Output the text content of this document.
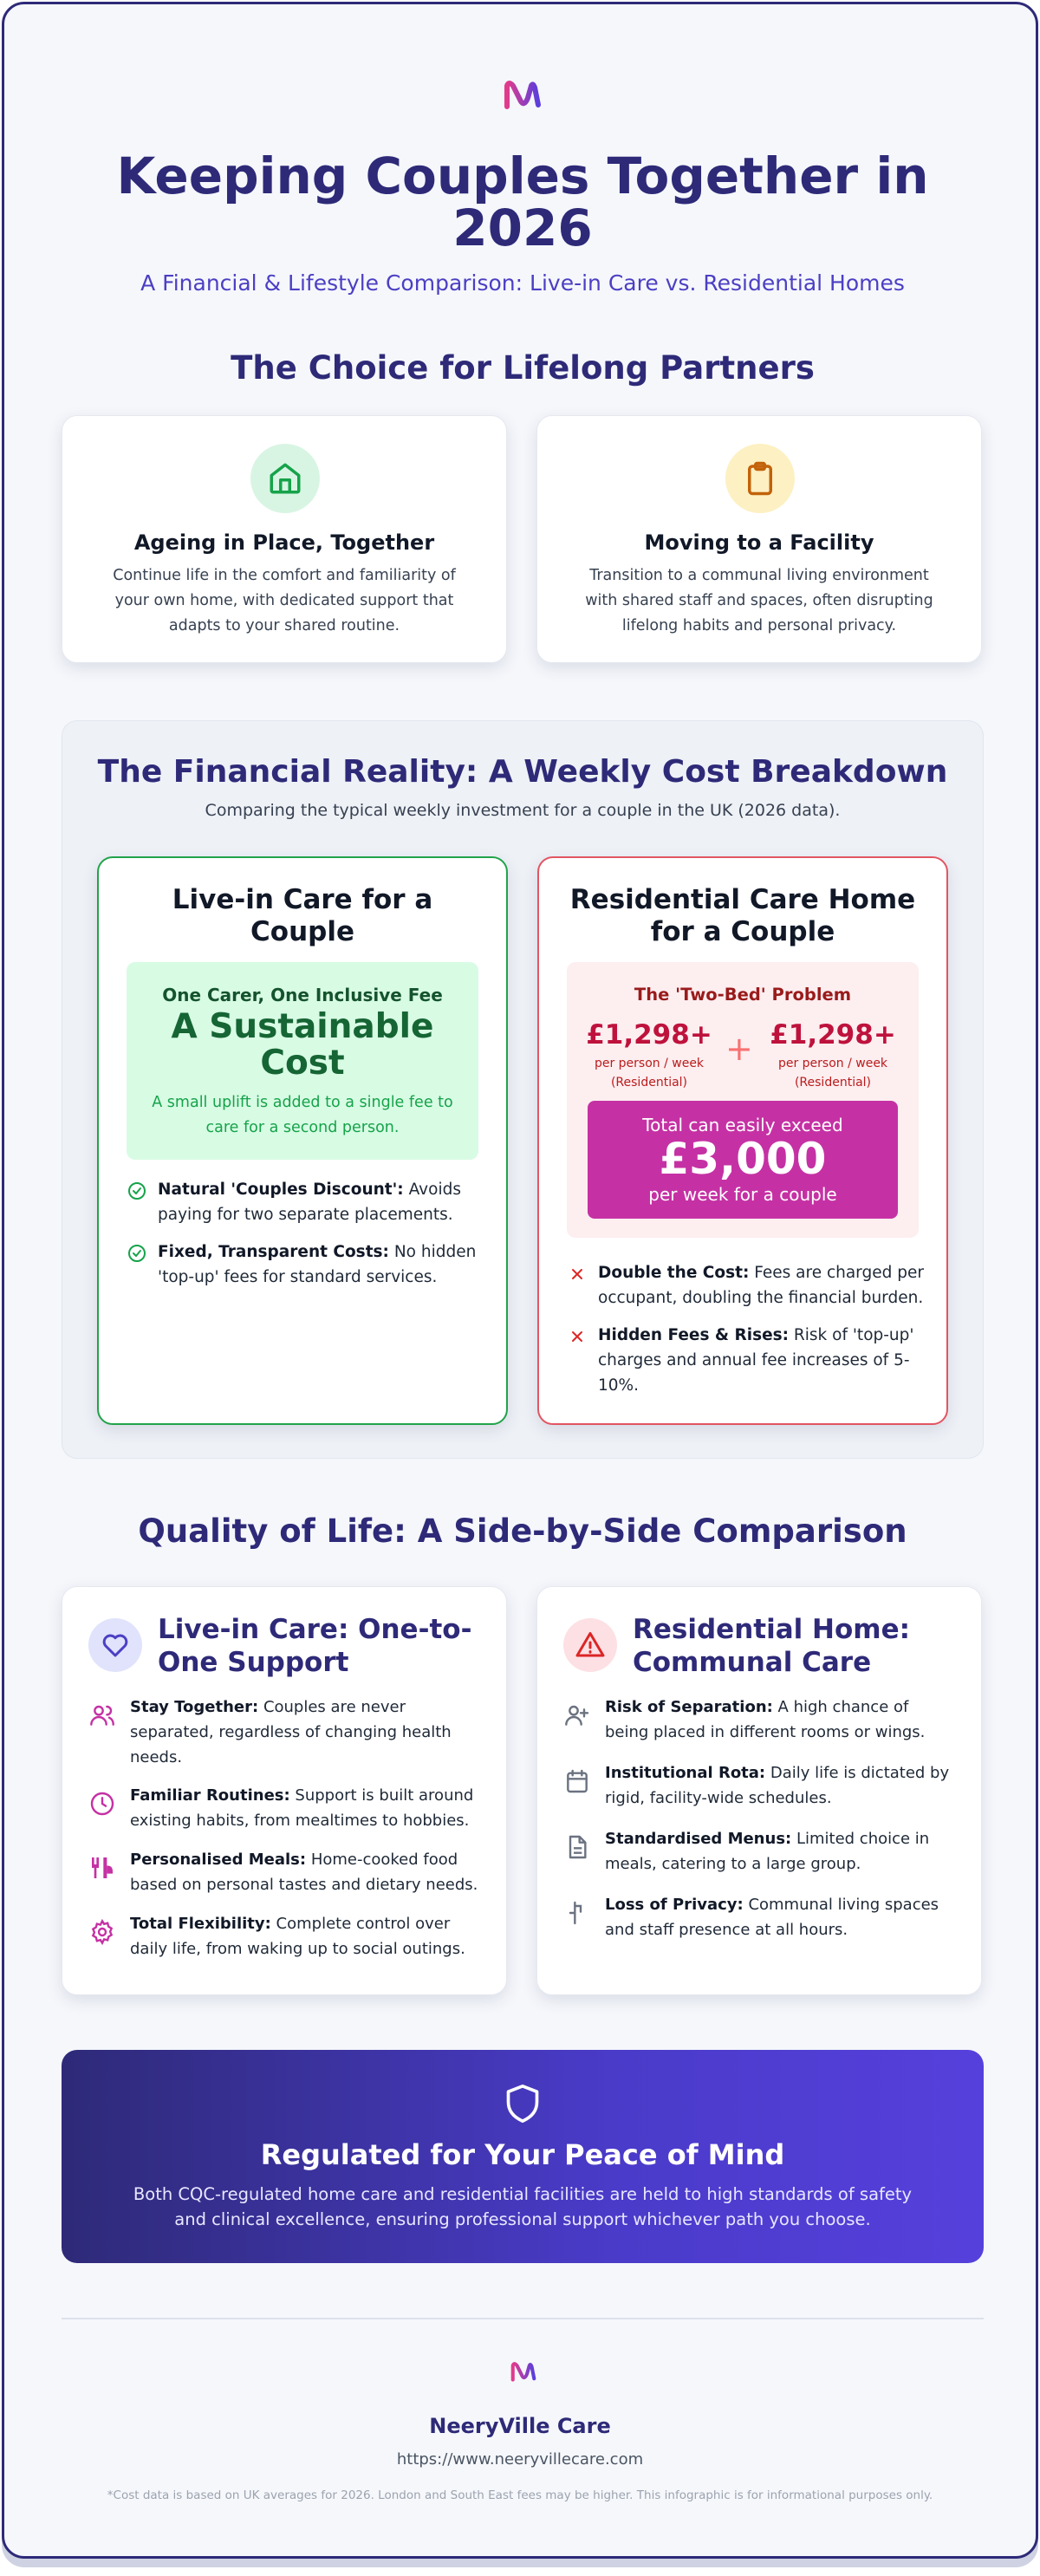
Keeping Couples Together in 2026
A Financial & Lifestyle Comparison: Live-in Care vs. Residential Homes
The Choice for Lifelong Partners
Ageing in Place, Together
Continue life in the comfort and familiarity of your own home, with dedicated support that adapts to your shared routine.
Moving to a Facility
Transition to a communal living environment with shared staff and spaces, often disrupting lifelong habits and personal privacy.
The Financial Reality: A Weekly Cost Breakdown
Comparing the typical weekly investment for a couple in the UK (2026 data).
Live-in Care for a Couple
One Carer, One Inclusive Fee
A Sustainable Cost
A small uplift is added to a single fee to care for a second person.
Natural 'Couples Discount': Avoids paying for two separate placements.
Fixed, Transparent Costs: No hidden 'top-up' fees for standard services.
Residential Care Home for a Couple
The 'Two-Bed' Problem
£1,298+
per person / week
(Residential)
+ £1,298+
per person / week
(Residential)
Total can easily exceed
£3,000
per week for a couple
Double the Cost: Fees are charged per occupant, doubling the financial burden.
Hidden Fees & Rises: Risk of 'top-up' charges and annual fee increases of 5-10%.
Quality of Life: A Side-by-Side Comparison
Live-in Care: One-to-One Support
Stay Together: Couples are never separated, regardless of changing health needs.
Familiar Routines: Support is built around existing habits, from mealtimes to hobbies.
Personalised Meals: Home-cooked food based on personal tastes and dietary needs.
Total Flexibility: Complete control over daily life, from waking up to social outings.
Residential Home: Communal Care
Risk of Separation: A high chance of being placed in different rooms or wings.
Institutional Rota: Daily life is dictated by rigid, facility-wide schedules.
Standardised Menus: Limited choice in meals, catering to a large group.
Loss of Privacy: Communal living spaces and staff presence at all hours.
Regulated for Your Peace of Mind
Both CQC-regulated home care and residential facilities are held to high standards of safety and clinical excellence, ensuring professional support whichever path you choose.
NeeryVille Care
https://www.neeryvillecare.com
*Cost data is based on UK averages for 2026. London and South East fees may be higher. This infographic is for informational purposes only.
